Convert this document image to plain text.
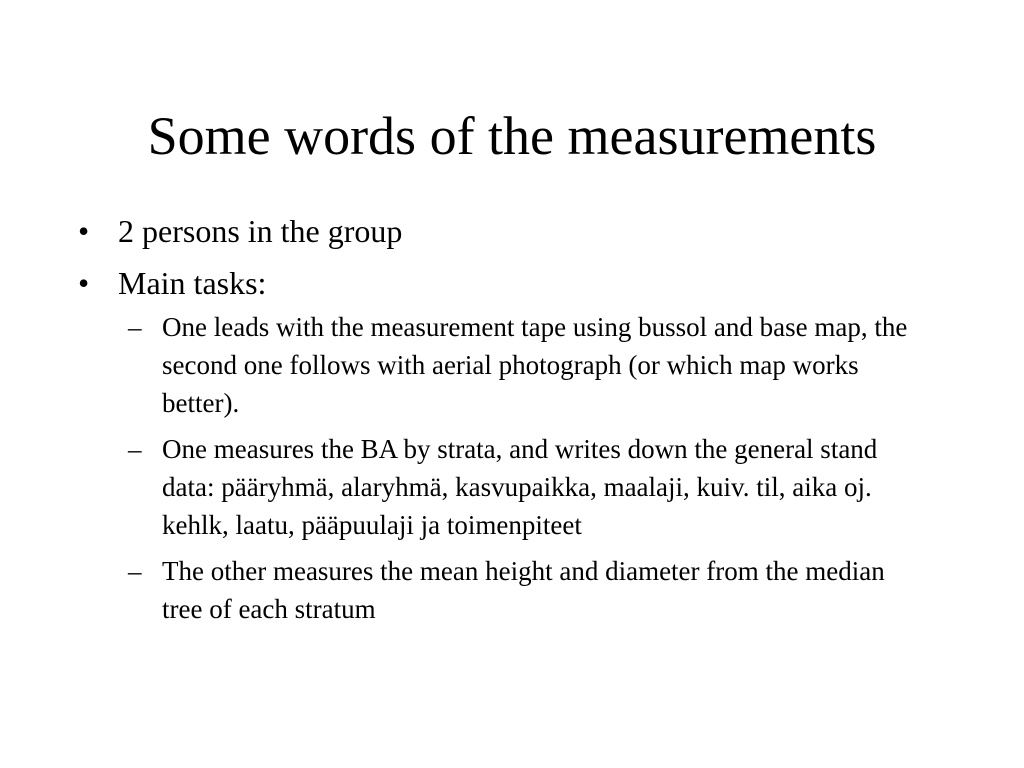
Some words of the measurements
• 2 persons in the group
• Main tasks:
– One leads with the measurement tape using bussol and base map, the second one follows with aerial photograph (or which map works better).
– One measures the BA by strata, and writes down the general stand data: pääryhmä, alaryhmä, kasvupaikka, maalaji, kuiv. til, aika oj. kehlk, laatu, pääpuulaji ja toimenpiteet
– The other measures the mean height and diameter from the median tree of each stratum
